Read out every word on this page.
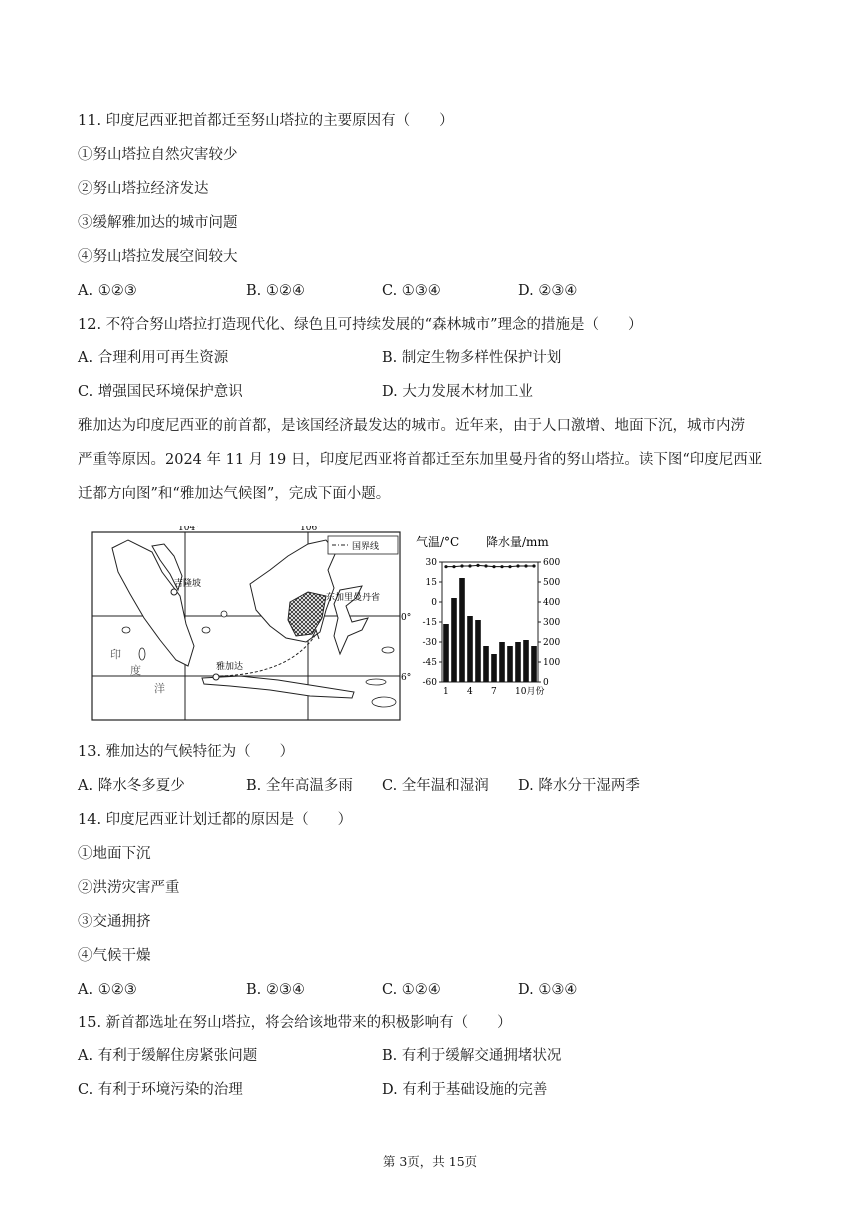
11. 印度尼西亚把首都迁至努山塔拉的主要原因有（　　）
①努山塔拉自然灾害较少
②努山塔拉经济发达
③缓解雅加达的城市问题
④努山塔拉发展空间较大
A. ①②③	B. ①②④	C. ①③④	D. ②③④
12. 不符合努山塔拉打造现代化、绿色且可持续发展的“森林城市”理念的措施是（　　）
A. 合理利用可再生资源	B. 制定生物多样性保护计划
C. 增强国民环境保护意识	D. 大力发展木材加工业
雅加达为印度尼西亚的前首都，是该国经济最发达的城市。近年来，由于人口激增、地面下沉，城市内涝
严重等原因。2024 年 11 月 19 日，印度尼西亚将首都迁至东加里曼丹省的努山塔拉。读下图“印度尼西亚
迁都方向图”和“雅加达气候图”，完成下面小题。
国界线
104°	106°
0°
6°
吉隆坡
东加里曼丹省
雅加达
印
度
洋
气温/°C 降水量/mm
30
15
0
-15
-30
-45
-60
600
500
400
300
200
100
0
1 4 7 10月份
13. 雅加达的气候特征为（　　）
A. 降水冬多夏少	B. 全年高温多雨 C. 全年温和湿润 D. 降水分干湿两季
14. 印度尼西亚计划迁都的原因是（　　）
①地面下沉
②洪涝灾害严重
③交通拥挤
④气候干燥
A. ①②③	B. ②③④	C. ①②④	D. ①③④
15. 新首都选址在努山塔拉，将会给该地带来的积极影响有（　　）
A. 有利于缓解住房紧张问题	B. 有利于缓解交通拥堵状况
C. 有利于环境污染的治理	D. 有利于基础设施的完善
第 3页，共 15页
